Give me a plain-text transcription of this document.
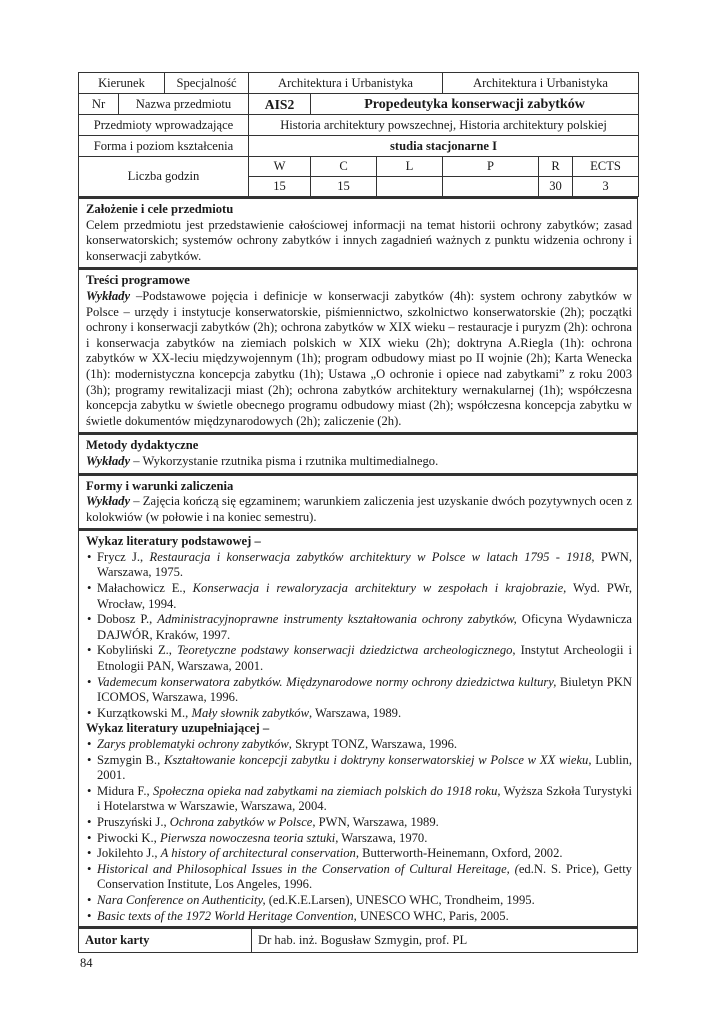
Kierunek		Specjalność	Architektura i Urbanistyka			Architektura i Urbanistyka		
Nr	Nazwa przedmiotu		AIS2	Propedeutyka konserwacji zabytków				
Przedmioty wprowadzające			Historia architektury powszechnej, Historia architektury polskiej					
Forma i poziom kształcenia			studia stacjonarne I					
Liczba godzin			W	C	L	P	R	ECTS
			15	15			30	3
Założenie i cele przedmiotu
Celem przedmiotu jest przedstawienie całościowej informacji na temat historii ochrony zabytków; zasad konserwatorskich; systemów ochrony zabytków i innych zagadnień ważnych z punktu widzenia ochrony i konserwacji zabytków.
Treści programowe
Wykłady –Podstawowe pojęcia i definicje w konserwacji zabytków (4h): system ochrony zabytków w Polsce – urzędy i instytucje konserwatorskie, piśmiennictwo, szkolnictwo konserwatorskie (2h); początki ochrony i konserwacji zabytków (2h); ochrona zabytków w XIX wieku – restauracje i puryzm (2h): ochrona i konserwacja zabytków na ziemiach polskich w XIX wieku (2h); doktryna A.Riegla (1h): ochrona zabytków w XX-leciu międzywojennym (1h); program odbudowy miast po II wojnie (2h); Karta Wenecka (1h): modernistyczna koncepcja zabytku (1h); Ustawa „O ochronie i opiece nad zabytkami” z roku 2003 (3h); programy rewitalizacji miast (2h); ochrona zabytków architektury wernakularnej (1h); współczesna koncepcja zabytku w świetle obecnego programu odbudowy miast (2h); współczesna koncepcja zabytku w świetle dokumentów międzynarodowych (2h); zaliczenie (2h).
Metody dydaktyczne
Wykłady – Wykorzystanie rzutnika pisma i rzutnika multimedialnego.
Formy i warunki zaliczenia
Wykłady – Zajęcia kończą się egzaminem; warunkiem zaliczenia jest uzyskanie dwóch pozytywnych ocen z kolokwiów (w połowie i na koniec semestru).
Wykaz literatury podstawowej –
• Frycz J., Restauracja i konserwacja zabytków architektury w Polsce w latach 1795 - 1918, PWN, Warszawa, 1975.
• Małachowicz E., Konserwacja i rewaloryzacja architektury w zespołach i krajobrazie, Wyd. PWr, Wrocław, 1994.
• Dobosz P., Administracyjnoprawne instrumenty kształtowania ochrony zabytków, Oficyna Wydawnicza DAJWÓR, Kraków, 1997.
• Kobyliński Z., Teoretyczne podstawy konserwacji dziedzictwa archeologicznego, Instytut Archeologii i Etnologii PAN, Warszawa, 2001.
• Vademecum konserwatora zabytków. Międzynarodowe normy ochrony dziedzictwa kultury, Biuletyn PKN ICOMOS, Warszawa, 1996.
• Kurzątkowski M., Mały słownik zabytków, Warszawa, 1989.
Wykaz literatury uzupełniającej –
• Zarys problematyki ochrony zabytków, Skrypt TONZ, Warszawa, 1996.
• Szmygin B., Kształtowanie koncepcji zabytku i doktryny konserwatorskiej w Polsce w XX wieku, Lublin, 2001.
• Midura F., Społeczna opieka nad zabytkami na ziemiach polskich do 1918 roku, Wyższa Szkoła Turystyki i Hotelarstwa w Warszawie, Warszawa, 2004.
• Pruszyński J., Ochrona zabytków w Polsce, PWN, Warszawa, 1989.
• Piwocki K., Pierwsza nowoczesna teoria sztuki, Warszawa, 1970.
• Jokilehto J., A history of architectural conservation, Butterworth-Heinemann, Oxford, 2002.
• Historical and Philosophical Issues in the Conservation of Cultural Hereitage, (ed.N. S. Price), Getty Conservation Institute, Los Angeles, 1996.
• Nara Conference on Authenticity, (ed.K.E.Larsen), UNESCO WHC, Trondheim, 1995.
• Basic texts of the 1972 World Heritage Convention, UNESCO WHC, Paris, 2005.
Autor karty	Dr hab. inż. Bogusław Szmygin, prof. PL
84
